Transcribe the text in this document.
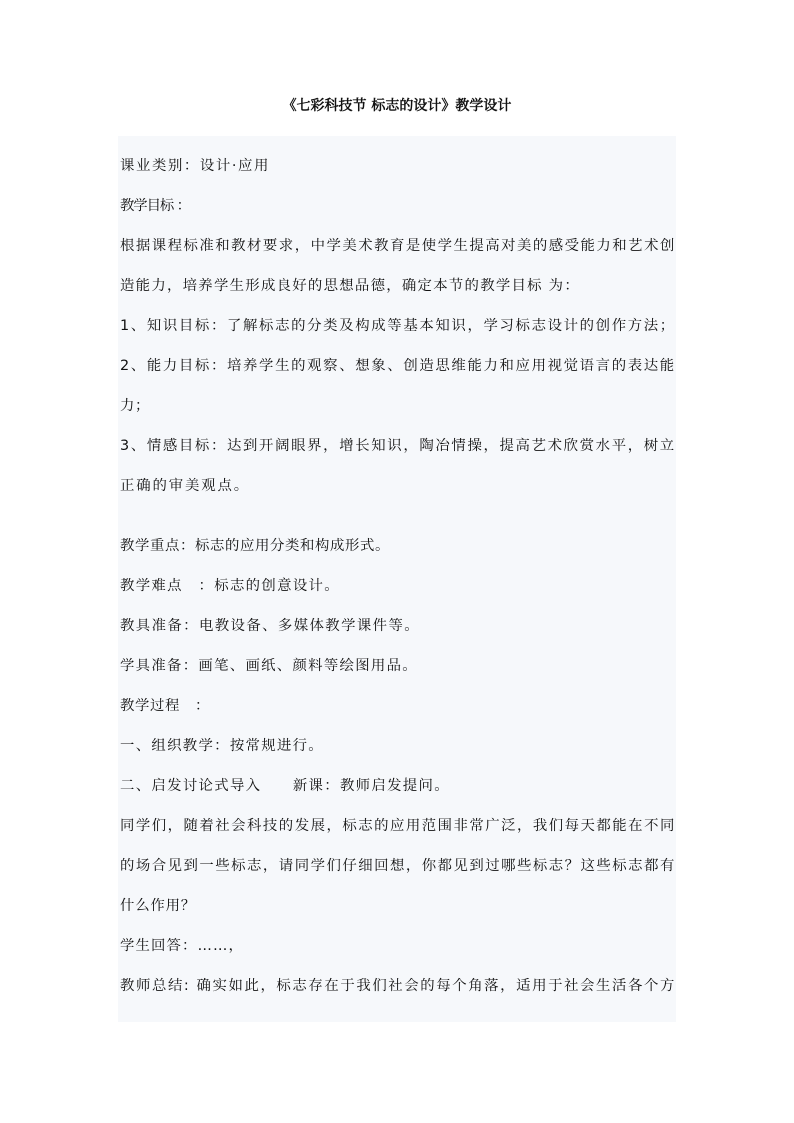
《七彩科技节 标志的设计》教学设计
课业类别：设计·应用
教学目标 ：
根据课程标准和教材要求，中学美术教育是使学生提高对美的感受能力和艺术创
造能力，培养学生形成良好的思想品德，确定本节的教学目标 为：
1、知识目标：了解标志的分类及构成等基本知识，学习标志设计的创作方法；
2、能力目标：培养学生的观察、想象、创造思维能力和应用视觉语言的表达能
力；
3、情感目标：达到开阔眼界，增长知识，陶冶情操，提高艺术欣赏水平，树立
正确的审美观点。
教学重点：标志的应用分类和构成形式。
教学难点　：标志的创意设计。
教具准备：电教设备、多媒体教学课件等。
学具准备：画笔、画纸、颜料等绘图用品。
教学过程　：
一、组织教学：按常规进行。
二、启发讨论式导入　　新课：教师启发提问。
同学们，随着社会科技的发展，标志的应用范围非常广泛，我们每天都能在不同
的场合见到一些标志，请同学们仔细回想，你都见到过哪些标志？这些标志都有
什么作用？
学生回答：……，
教师总结: 确实如此，标志存在于我们社会的每个角落，适用于社会生活各个方
